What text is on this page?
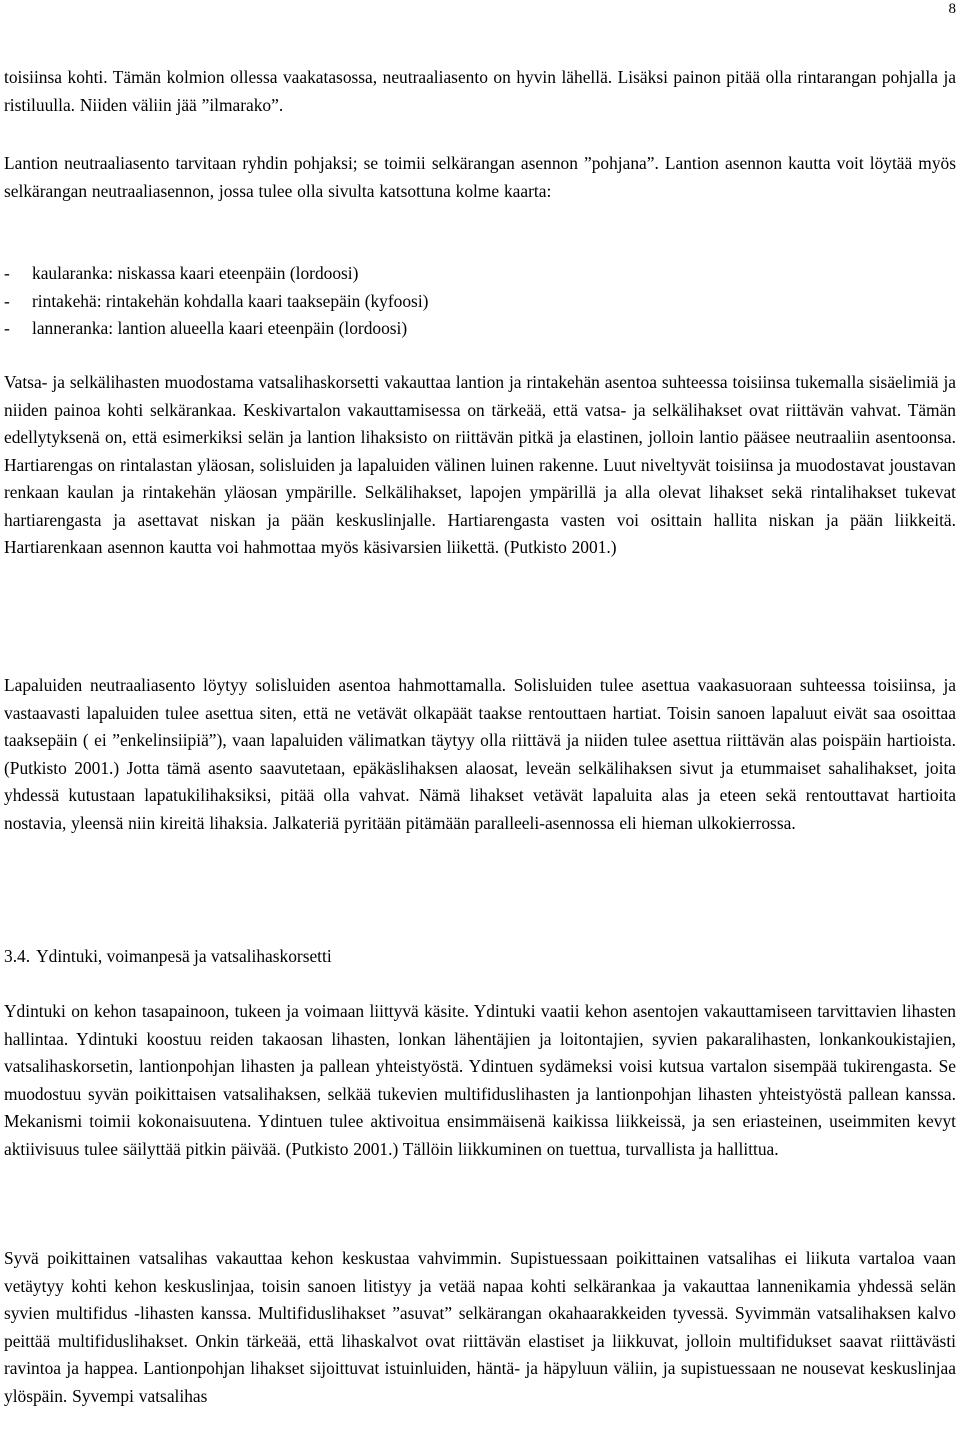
8

toisiinsa kohti. Tämän kolmion ollessa vaakatasossa, neutraaliasento on hyvin lähellä. Lisäksi painon pitää olla rintarangan pohjalla ja ristiluulla. Niiden väliin jää ”ilmarako”.

Lantion neutraaliasento tarvitaan ryhdin pohjaksi; se toimii selkärangan asennon ”pohjana”. Lantion asennon kautta voit löytää myös selkärangan neutraaliasennon, jossa tulee olla sivulta katsottuna kolme kaarta:

-	kaularanka: niskassa kaari eteenpäin (lordoosi)
-	rintakehä: rintakehän kohdalla kaari taaksepäin (kyfoosi)
-	lanneranka: lantion alueella kaari eteenpäin (lordoosi)

Vatsa- ja selkälihasten muodostama vatsalihaskorsetti vakauttaa lantion ja rintakehän asentoa suhteessa toisiinsa tukemalla sisäelimiä ja niiden painoa kohti selkärankaa. Keskivartalon vakauttamisessa on tärkeää, että vatsa- ja selkälihakset ovat riittävän vahvat. Tämän edellytyksenä on, että esimerkiksi selän ja lantion lihaksisto on riittävän pitkä ja elastinen, jolloin lantio pääsee neutraaliin asentoonsa. Hartiarengas on rintalastan yläosan, solisluiden ja lapaluiden välinen luinen rakenne. Luut niveltyvät toisiinsa ja muodostavat joustavan renkaan kaulan ja rintakehän yläosan ympärille. Selkälihakset, lapojen ympärillä ja alla olevat lihakset sekä rintalihakset tukevat hartiarengasta ja asettavat niskan ja pään keskuslinjalle. Hartiarengasta vasten voi osittain hallita niskan ja pään liikkeitä. Hartiarenkaan asennon kautta voi hahmottaa myös käsivarsien liikettä. (Putkisto 2001.)

Lapaluiden neutraaliasento löytyy solisluiden asentoa hahmottamalla. Solisluiden tulee asettua vaakasuoraan suhteessa toisiinsa, ja vastaavasti lapaluiden tulee asettua siten, että ne vetävät olkapäät taakse rentouttaen hartiat. Toisin sanoen lapaluut eivät saa osoittaa taaksepäin ( ei ”enkelinsiipiä”), vaan lapaluiden välimatkan täytyy olla riittävä ja niiden tulee asettua riittävän alas poispäin hartioista. (Putkisto 2001.) Jotta tämä asento saavutetaan, epäkäslihaksen alaosat, leveän selkälihaksen sivut ja etummaiset sahalihakset, joita yhdessä kutustaan lapatukilihaksiksi, pitää olla vahvat. Nämä lihakset vetävät lapaluita alas ja eteen sekä rentouttavat hartioita nostavia, yleensä niin kireitä lihaksia. Jalkateriä pyritään pitämään paralleeli-asennossa eli hieman ulkokierrossa.

3.4. Ydintuki, voimanpesä ja vatsalihaskorsetti

Ydintuki on kehon tasapainoon, tukeen ja voimaan liittyvä käsite. Ydintuki vaatii kehon asentojen vakauttamiseen tarvittavien lihasten hallintaa. Ydintuki koostuu reiden takaosan lihasten, lonkan lähentäjien ja loitontajien, syvien pakaralihasten, lonkankoukistajien, vatsalihaskorsetin, lantionpohjan lihasten ja pallean yhteistyöstä. Ydintuen sydämeksi voisi kutsua vartalon sisempää tukirengasta. Se muodostuu syvän poikittaisen vatsalihaksen, selkää tukevien multifiduslihasten ja lantionpohjan lihasten yhteistyöstä pallean kanssa. Mekanismi toimii kokonaisuutena. Ydintuen tulee aktivoitua ensimmäisenä kaikissa liikkeissä, ja sen eriasteinen, useimmiten kevyt aktiivisuus tulee säilyttää pitkin päivää. (Putkisto 2001.) Tällöin liikkuminen on tuettua, turvallista ja hallittua.

Syvä poikittainen vatsalihas vakauttaa kehon keskustaa vahvimmin. Supistuessaan poikittainen vatsalihas ei liikuta vartaloa vaan vetäytyy kohti kehon keskuslinjaa, toisin sanoen litistyy ja vetää napaa kohti selkärankaa ja vakauttaa lannenikamia yhdessä selän syvien multifidus -lihasten kanssa. Multifiduslihakset ”asuvat” selkärangan okahaarakkeiden tyvessä. Syvimmän vatsalihaksen kalvo peittää multifiduslihakset. Onkin tärkeää, että lihaskalvot ovat riittävän elastiset ja liikkuvat, jolloin multifidukset saavat riittävästi ravintoa ja happea. Lantionpohjan lihakset sijoittuvat istuinluiden, häntä- ja häpyluun väliin, ja supistuessaan ne nousevat keskuslinjaa ylöspäin. Syvempi vatsalihas
